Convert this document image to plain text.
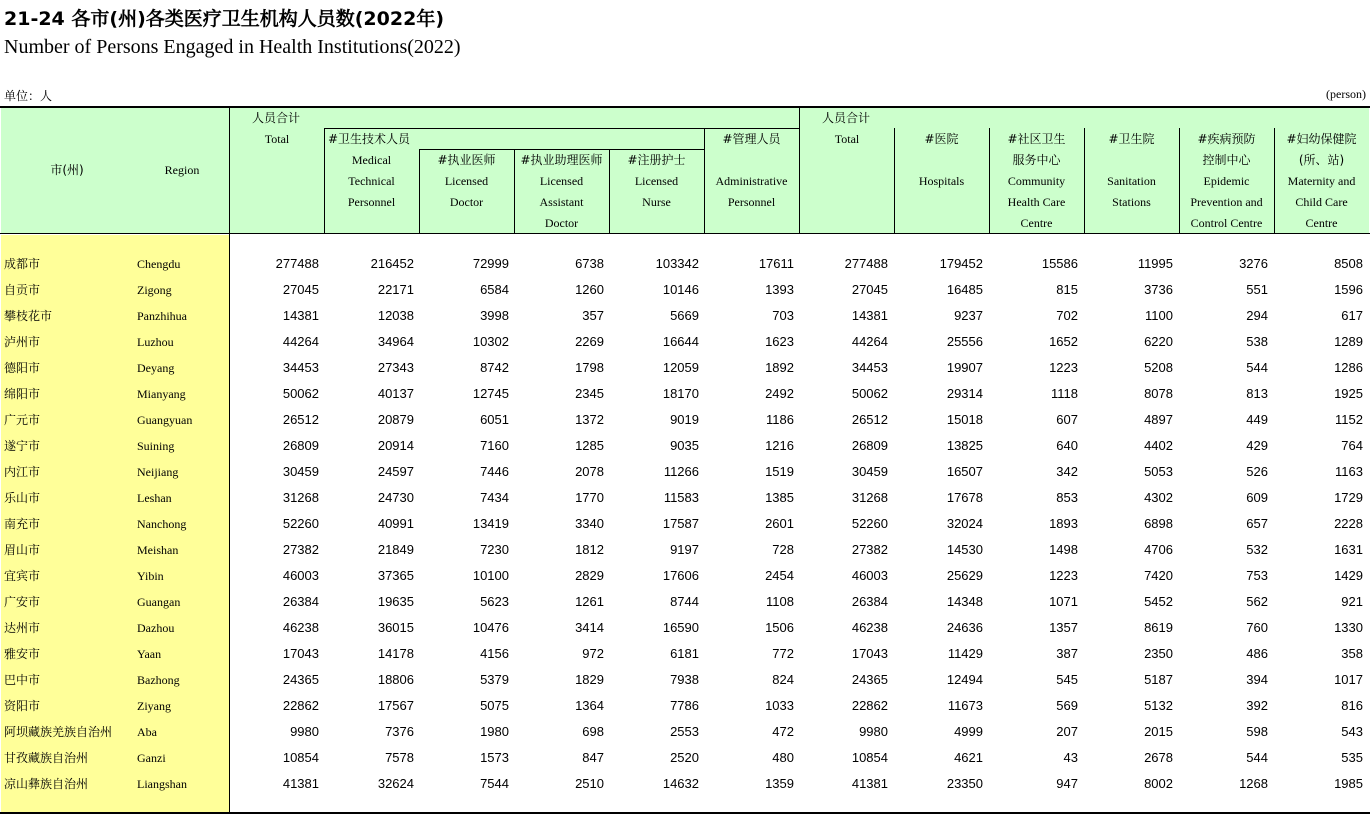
21-24 各市(州)各类医疗卫生机构人员数(2022年)
Number of Persons Engaged in Health Institutions(2022)
单位：人	(person)
市(州)	Region
人员合计
Total	#卫生技术人员
Medical
Technical
Personnel
#执业医师
Licensed
Doctor
#执业助理医师
Licensed
Assistant
Doctor
#注册护士
Licensed
Nurse
#管理人员
Administrative
Personnel
人员合计
Total	#医院
Hospitals
#社区卫生
服务中心
Community
Health Care
Centre
#卫生院
Sanitation
Stations
#疾病预防
控制中心
Epidemic
Prevention and
Control Centre
#妇幼保健院
(所、站)
Maternity and
Child Care
Centre
成都市	Chengdu	277488	216452	72999	6738	103342	17611	277488	179452	15586	11995	3276	8508
自贡市	Zigong	27045	22171	6584	1260	10146	1393	27045	16485	815	3736	551	1596
攀枝花市	Panzhihua	14381	12038	3998	357	5669	703	14381	9237	702	1100	294	617
泸州市	Luzhou	44264	34964	10302	2269	16644	1623	44264	25556	1652	6220	538	1289
德阳市	Deyang	34453	27343	8742	1798	12059	1892	34453	19907	1223	5208	544	1286
绵阳市	Mianyang	50062	40137	12745	2345	18170	2492	50062	29314	1118	8078	813	1925
广元市	Guangyuan	26512	20879	6051	1372	9019	1186	26512	15018	607	4897	449	1152
遂宁市	Suining	26809	20914	7160	1285	9035	1216	26809	13825	640	4402	429	764
内江市	Neijiang	30459	24597	7446	2078	11266	1519	30459	16507	342	5053	526	1163
乐山市	Leshan	31268	24730	7434	1770	11583	1385	31268	17678	853	4302	609	1729
南充市	Nanchong	52260	40991	13419	3340	17587	2601	52260	32024	1893	6898	657	2228
眉山市	Meishan	27382	21849	7230	1812	9197	728	27382	14530	1498	4706	532	1631
宜宾市	Yibin	46003	37365	10100	2829	17606	2454	46003	25629	1223	7420	753	1429
广安市	Guangan	26384	19635	5623	1261	8744	1108	26384	14348	1071	5452	562	921
达州市	Dazhou	46238	36015	10476	3414	16590	1506	46238	24636	1357	8619	760	1330
雅安市	Yaan	17043	14178	4156	972	6181	772	17043	11429	387	2350	486	358
巴中市	Bazhong	24365	18806	5379	1829	7938	824	24365	12494	545	5187	394	1017
资阳市	Ziyang	22862	17567	5075	1364	7786	1033	22862	11673	569	5132	392	816
阿坝藏族羌族自治州 Aba	9980	7376	1980	698	2553	472	9980	4999	207	2015	598	543
甘孜藏族自治州	Ganzi	10854	7578	1573	847	2520	480	10854	4621	43	2678	544	535
凉山彝族自治州	Liangshan	41381	32624	7544	2510	14632	1359	41381	23350	947	8002	1268	1985
